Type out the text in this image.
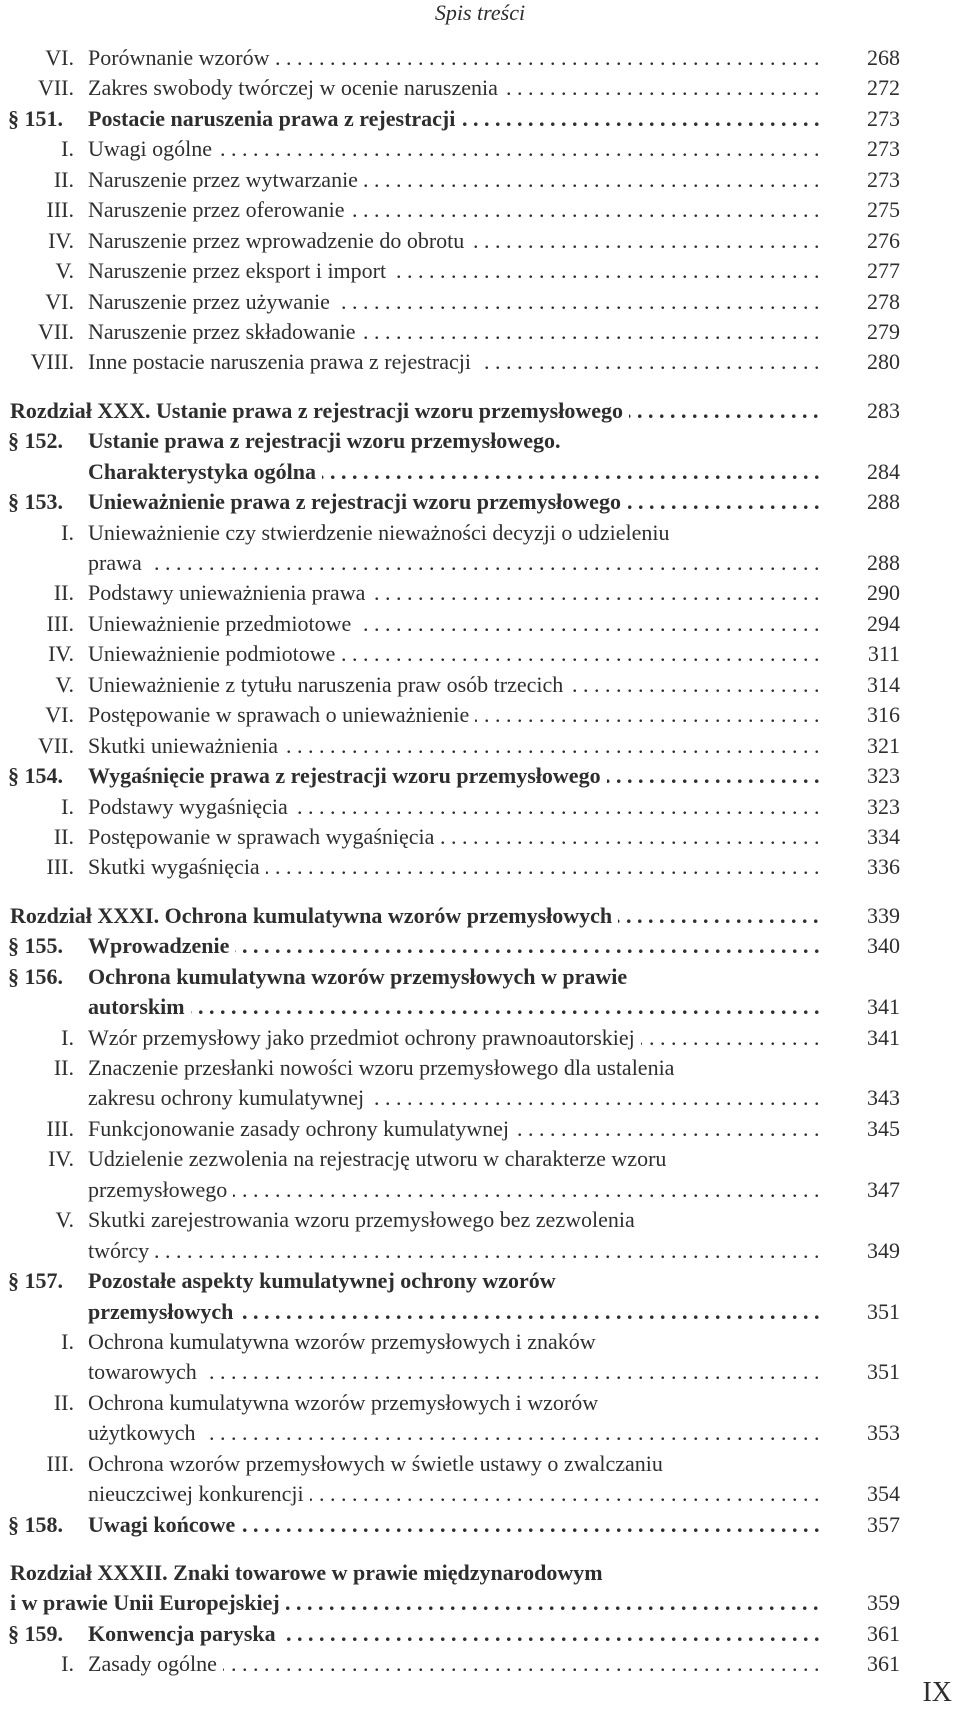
Spis treści
VI. Porównanie wzorów . . .	268
VII. Zakres swobody twórczej w ocenie naruszenia . . .	272
§ 151.	Postacie naruszenia prawa z rejestracji . . .	273
I. Uwagi ogólne . . .	273
II. Naruszenie przez wytwarzanie . . .	273
III. Naruszenie przez oferowanie . . .	275
IV. Naruszenie przez wprowadzenie do obrotu . . .	276
V. Naruszenie przez eksport i import . . .	277
VI. Naruszenie przez używanie . . .	278
VII. Naruszenie przez składowanie . . .	279
VIII. Inne postacie naruszenia prawa z rejestracji . . .	280
Rozdział XXX. Ustanie prawa z rejestracji wzoru przemysłowego . . .	283
§ 152.	Ustanie prawa z rejestracji wzoru przemysłowego.
Charakterystyka ogólna . . .	284
§ 153.	Unieważnienie prawa z rejestracji wzoru przemysłowego . . .	288
I. Unieważnienie czy stwierdzenie nieważności decyzji o udzieleniu
prawa . . .	288
II. Podstawy unieważnienia prawa . . .	290
III. Unieważnienie przedmiotowe . . .	294
IV. Unieważnienie podmiotowe . . .	311
V. Unieważnienie z tytułu naruszenia praw osób trzecich . . .	314
VI. Postępowanie w sprawach o unieważnienie . . .	316
VII. Skutki unieważnienia . . .	321
§ 154.	Wygaśnięcie prawa z rejestracji wzoru przemysłowego . . .	323
I. Podstawy wygaśnięcia . . .	323
II. Postępowanie w sprawach wygaśnięcia . . .	334
III. Skutki wygaśnięcia . . .	336
Rozdział XXXI. Ochrona kumulatywna wzorów przemysłowych . . .	339
§ 155.	Wprowadzenie . . .	340
§ 156.	Ochrona kumulatywna wzorów przemysłowych w prawie
autorskim . . .	341
I. Wzór przemysłowy jako przedmiot ochrony prawnoautorskiej . . .	341
II. Znaczenie przesłanki nowości wzoru przemysłowego dla ustalenia
zakresu ochrony kumulatywnej . . .	343
III. Funkcjonowanie zasady ochrony kumulatywnej . . .	345
IV. Udzielenie zezwolenia na rejestrację utworu w charakterze wzoru
przemysłowego . . .	347
V. Skutki zarejestrowania wzoru przemysłowego bez zezwolenia
twórcy . . .	349
§ 157.	Pozostałe aspekty kumulatywnej ochrony wzorów
przemysłowych . . .	351
I. Ochrona kumulatywna wzorów przemysłowych i znaków
towarowych . . .	351
II. Ochrona kumulatywna wzorów przemysłowych i wzorów
użytkowych . . .	353
III. Ochrona wzorów przemysłowych w świetle ustawy o zwalczaniu
nieuczciwej konkurencji . . .	354
§ 158.	Uwagi końcowe . . .	357
Rozdział XXXII. Znaki towarowe w prawie międzynarodowym
i w prawie Unii Europejskiej . . .	359
§ 159.	Konwencja paryska . . .	361
I. Zasady ogólne . . .	361
IX
